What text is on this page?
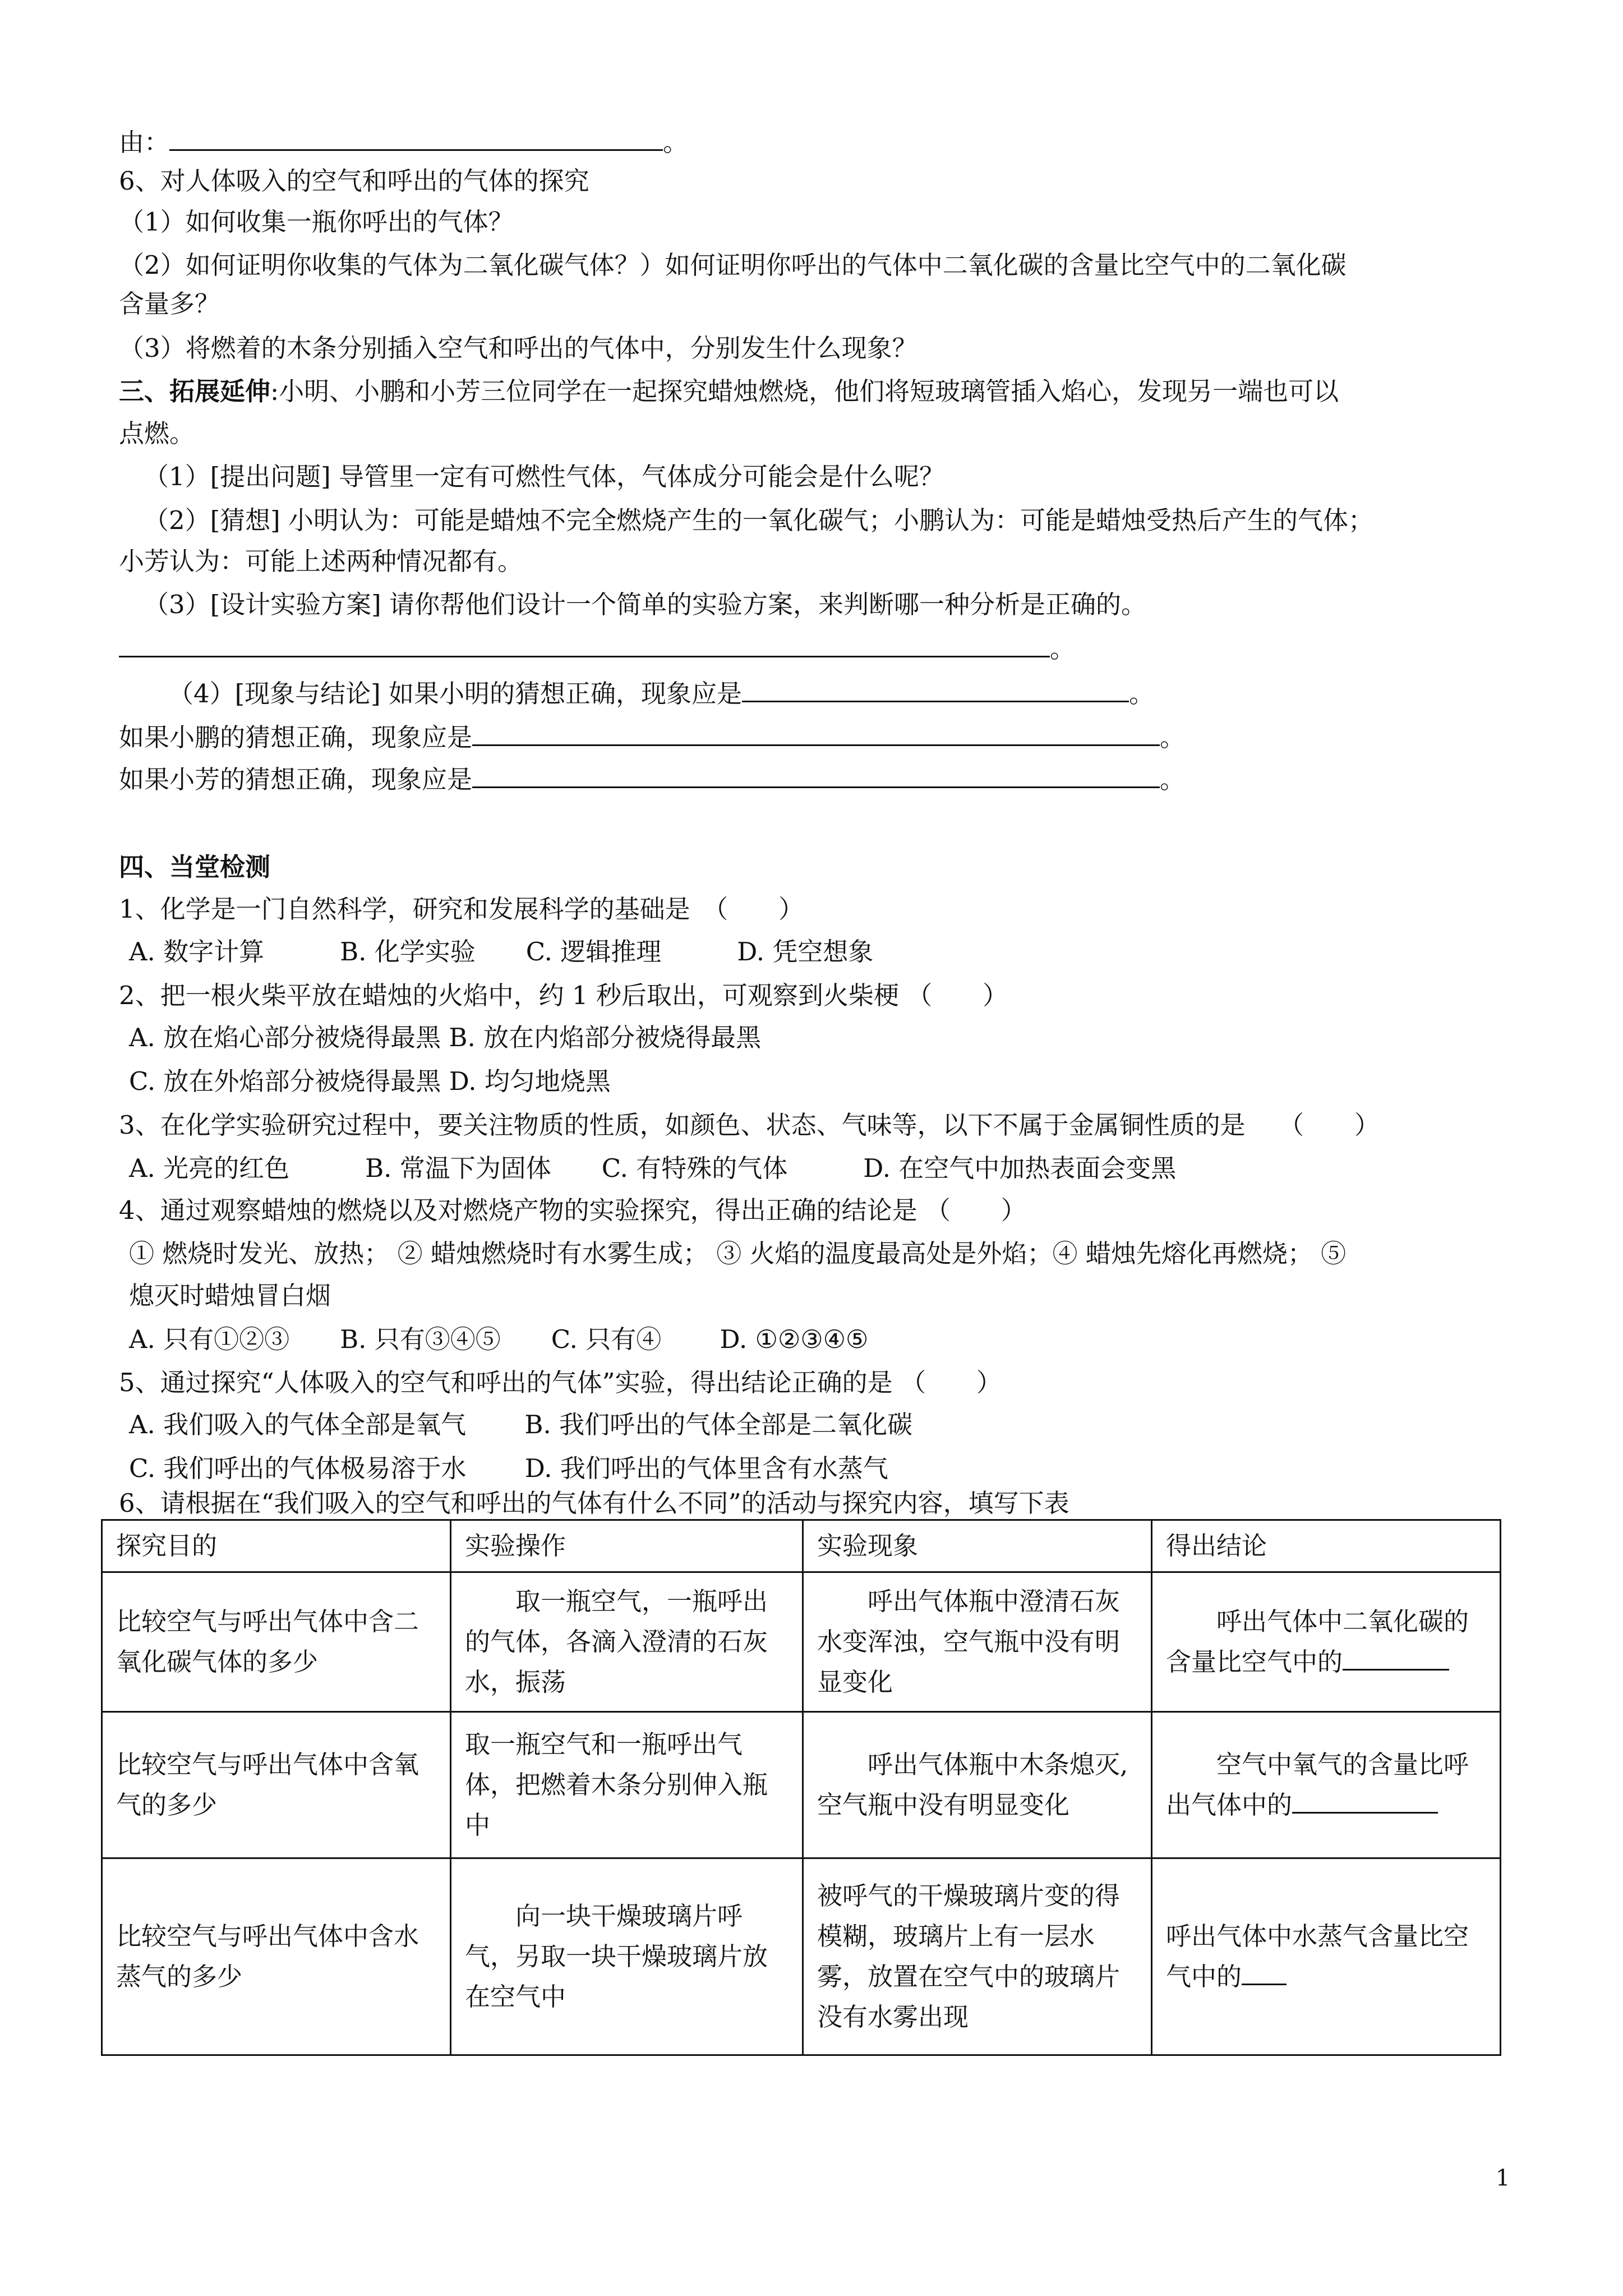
由：	。
6、对人体吸入的空气和呼出的气体的探究
（1）如何收集一瓶你呼出的气体？
（2）如何证明你收集的气体为二氧化碳气体？）如何证明你呼出的气体中二氧化碳的含量比空气中的二氧化碳
含量多？
（3）将燃着的木条分别插入空气和呼出的气体中，分别发生什么现象？
三、拓展延伸:小明、小鹏和小芳三位同学在一起探究蜡烛燃烧，他们将短玻璃管插入焰心，发现另一端也可以
点燃。
（1）[提出问题] 导管里一定有可燃性气体，气体成分可能会是什么呢？
（2）[猜想] 小明认为：可能是蜡烛不完全燃烧产生的一氧化碳气；小鹏认为：可能是蜡烛受热后产生的气体；
小芳认为：可能上述两种情况都有。
（3）[设计实验方案] 请你帮他们设计一个简单的实验方案，来判断哪一种分析是正确的。
。
（4）[现象与结论] 如果小明的猜想正确，现象应是	。
如果小鹏的猜想正确，现象应是	。
如果小芳的猜想正确，现象应是	。
四、当堂检测
1、化学是一门自然科学，研究和发展科学的基础是　（　　）
A. 数字计算　　　B. 化学实验　　C. 逻辑推理　　　D. 凭空想象
2、把一根火柴平放在蜡烛的火焰中，约 1 秒后取出，可观察到火柴梗 （　　）
A. 放在焰心部分被烧得最黑 B. 放在内焰部分被烧得最黑
C. 放在外焰部分被烧得最黑 D. 均匀地烧黑
3、在化学实验研究过程中，要关注物质的性质，如颜色、状态、气味等，以下不属于金属铜性质的是　 （　　）
A. 光亮的红色　　　B. 常温下为固体　　C. 有特殊的气体　　　D. 在空气中加热表面会变黑
4、通过观察蜡烛的燃烧以及对燃烧产物的实验探究，得出正确的结论是 （　　）
① 燃烧时发光、放热； ② 蜡烛燃烧时有水雾生成； ③ 火焰的温度最高处是外焰；④ 蜡烛先熔化再燃烧； ⑤
熄灭时蜡烛冒白烟
A. 只有①②③　　B. 只有③④⑤　　C. 只有④　　 D. ①②③④⑤
5、通过探究“人体吸入的空气和呼出的气体”实验，得出结论正确的是 （　　）
A. 我们吸入的气体全部是氧气　　 B. 我们呼出的气体全部是二氧化碳
C. 我们呼出的气体极易溶于水　　 D. 我们呼出的气体里含有水蒸气
6、请根据在“我们吸入的空气和呼出的气体有什么不同”的活动与探究内容，填写下表
探究目的	实验操作	实验现象	得出结论
比较空气与呼出气体中含二氧化碳气体的多少	取一瓶空气，一瓶呼出的气体，各滴入澄清的石灰水，振荡	呼出气体瓶中澄清石灰水变浑浊，空气瓶中没有明显变化	呼出气体中二氧化碳的含量比空气中的
比较空气与呼出气体中含氧气的多少	取一瓶空气和一瓶呼出气体，把燃着木条分别伸入瓶中	呼出气体瓶中木条熄灭,空气瓶中没有明显变化	空气中氧气的含量比呼出气体中的
比较空气与呼出气体中含水蒸气的多少	向一块干燥玻璃片呼气，另取一块干燥玻璃片放在空气中	被呼气的干燥玻璃片变的得模糊，玻璃片上有一层水雾，放置在空气中的玻璃片没有水雾出现	呼出气体中水蒸气含量比空气中的
1
